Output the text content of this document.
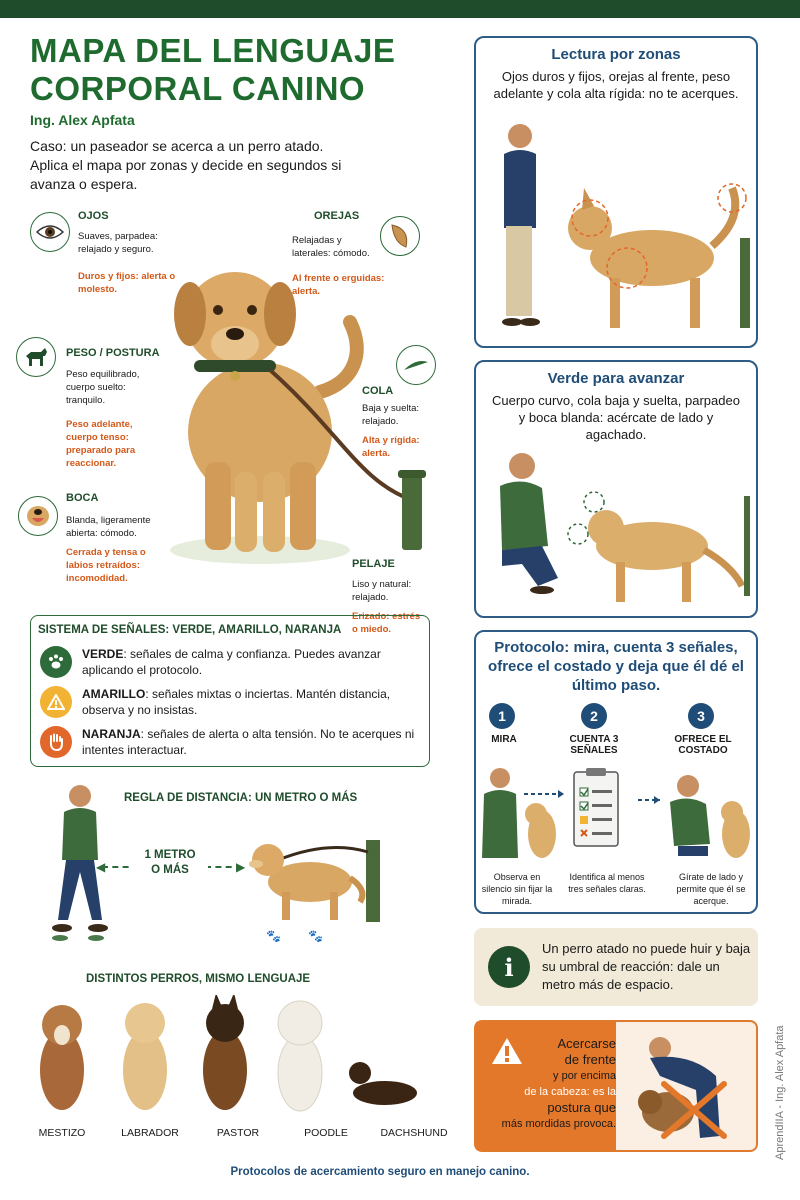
MAPA DEL LENGUAJE
CORPORAL CANINO
Ing. Alex Apfata
Caso: un paseador se acerca a un perro atado. Aplica el mapa por zonas y decide en segundos si avanza o espera.
OJOS
Suaves, parpadea: relajado y seguro.
Duros y fijos: alerta o molesto.
OREJAS
Relajadas y laterales: cómodo.
Al frente o erguidas: alerta.
PESO / POSTURA
Peso equilibrado, cuerpo suelto: tranquilo.
Peso adelante, cuerpo tenso: preparado para reaccionar.
COLA
Baja y suelta: relajado.
Alta y rígida: alerta.
BOCA
Blanda, ligeramente abierta: cómodo.
Cerrada y tensa o labios retraídos: incomodidad.
PELAJE
Liso y natural: relajado.
Erizado: estrés o miedo.
SISTEMA DE SEÑALES: VERDE, AMARILLO, NARANJA
VERDE: señales de calma y confianza. Puedes avanzar aplicando el protocolo.
AMARILLO: señales mixtas o inciertas. Mantén distancia, observa y no insistas.
NARANJA: señales de alerta o alta tensión. No te acerques ni intentes interactuar.
REGLA DE DISTANCIA: UN METRO O MÁS
◀	▶
1 METRO
O MÁS
🐾 🐾
DISTINTOS PERROS, MISMO LENGUAJE
MESTIZO	LABRADOR	PASTOR	POODLE	DACHSHUND
Lectura por zonas
Ojos duros y fijos, orejas al frente, peso adelante y cola alta rígida: no te acerques.
Verde para avanzar
Cuerpo curvo, cola baja y suelta, parpadeo y boca blanda: acércate de lado y agachado.
Protocolo: mira, cuenta 3 señales, ofrece el costado y deja que él dé el último paso.
1
MIRA
2
CUENTA 3 SEÑALES
3
OFRECE EL COSTADO
Observa en silencio sin fijar la mirada.
Identifica al menos tres señales claras.
Gírate de lado y permite que él se acerque.
i
Un perro atado no puede huir y baja su umbral de reacción: dale un metro más de espacio.
Acercarse
de frente
y por encima
de la cabeza: es la
postura que
más mordidas provoca.
Protocolos de acercamiento seguro en manejo canino.
AprendIIA - Ing. Alex Apfata
